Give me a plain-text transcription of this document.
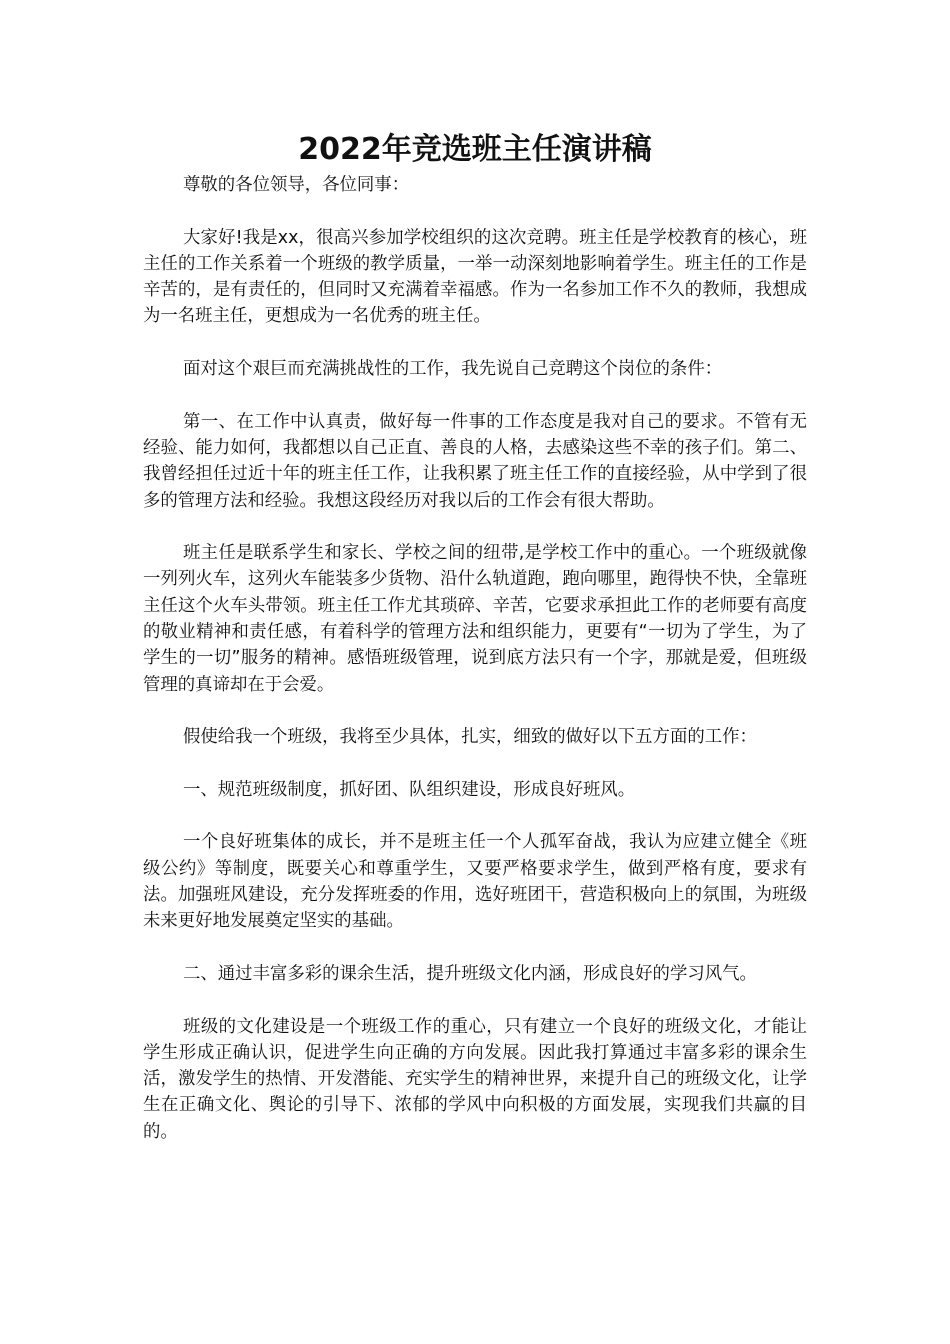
2022年竞选班主任演讲稿

尊敬的各位领导，各位同事：

大家好!我是xx，很高兴参加学校组织的这次竞聘。班主任是学校教育的核心，班主任的工作关系着一个班级的教学质量，一举一动深刻地影响着学生。班主任的工作是辛苦的，是有责任的，但同时又充满着幸福感。作为一名参加工作不久的教师，我想成为一名班主任，更想成为一名优秀的班主任。

面对这个艰巨而充满挑战性的工作，我先说自己竞聘这个岗位的条件：

第一、在工作中认真责，做好每一件事的工作态度是我对自己的要求。不管有无经验、能力如何，我都想以自己正直、善良的人格，去感染这些不幸的孩子们。第二、我曾经担任过近十年的班主任工作，让我积累了班主任工作的直接经验，从中学到了很多的管理方法和经验。我想这段经历对我以后的工作会有很大帮助。

班主任是联系学生和家长、学校之间的纽带,是学校工作中的重心。一个班级就像一列列火车，这列火车能装多少货物、沿什么轨道跑，跑向哪里，跑得快不快，全靠班主任这个火车头带领。班主任工作尤其琐碎、辛苦，它要求承担此工作的老师要有高度的敬业精神和责任感，有着科学的管理方法和组织能力，更要有“一切为了学生，为了学生的一切”服务的精神。感悟班级管理，说到底方法只有一个字，那就是爱，但班级管理的真谛却在于会爱。

假使给我一个班级，我将至少具体，扎实，细致的做好以下五方面的工作：

一、规范班级制度，抓好团、队组织建设，形成良好班风。

一个良好班集体的成长，并不是班主任一个人孤军奋战，我认为应建立健全《班级公约》等制度，既要关心和尊重学生，又要严格要求学生，做到严格有度，要求有法。加强班风建设，充分发挥班委的作用，选好班团干，营造积极向上的氛围，为班级未来更好地发展奠定坚实的基础。

二、通过丰富多彩的课余生活，提升班级文化内涵，形成良好的学习风气。

班级的文化建设是一个班级工作的重心，只有建立一个良好的班级文化，才能让学生形成正确认识，促进学生向正确的方向发展。因此我打算通过丰富多彩的课余生活，激发学生的热情、开发潜能、充实学生的精神世界，来提升自己的班级文化，让学生在正确文化、舆论的引导下、浓郁的学风中向积极的方面发展，实现我们共赢的目的。
